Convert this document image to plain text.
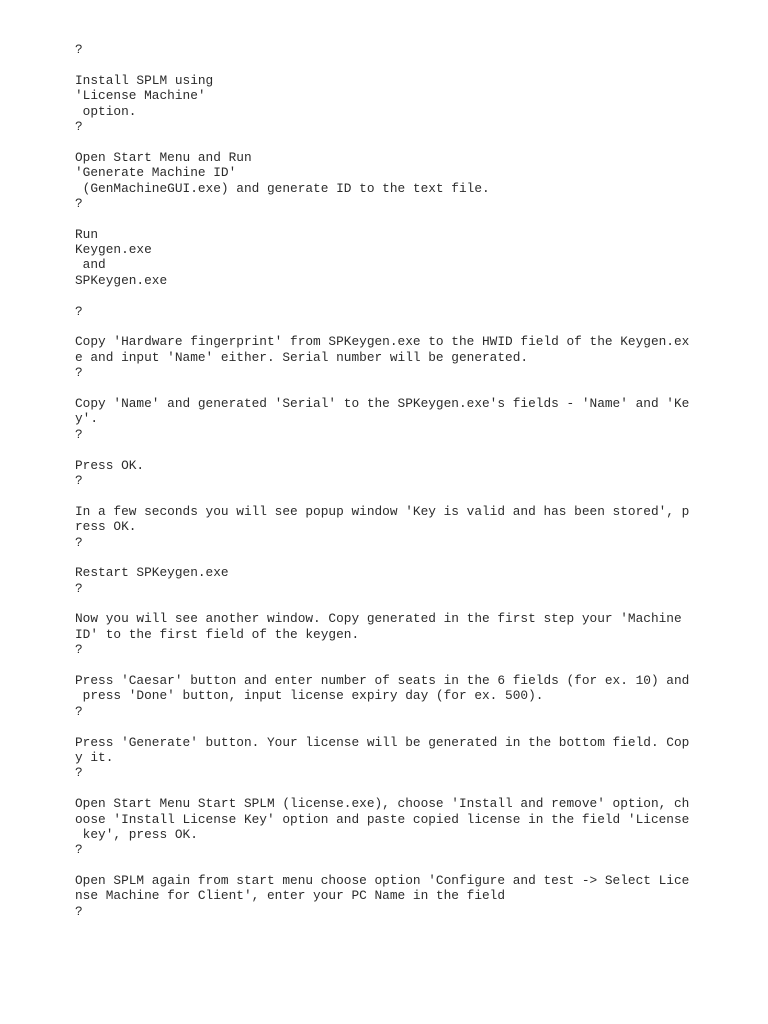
?
Install SPLM using
'License Machine'
option.
?
Open Start Menu and Run
'Generate Machine ID'
(GenMachineGUI.exe) and generate ID to the text file.
?
Run
Keygen.exe
and
SPKeygen.exe
?
Copy 'Hardware fingerprint' from SPKeygen.exe to the HWID field of the Keygen.ex
e and input 'Name' either. Serial number will be generated.
?
Copy 'Name' and generated 'Serial' to the SPKeygen.exe's fields - 'Name' and 'Ke
y'.
?
Press OK.
?
In a few seconds you will see popup window 'Key is valid and has been stored', p
ress OK.
?
Restart SPKeygen.exe
?
Now you will see another window. Copy generated in the first step your 'Machine
ID' to the first field of the keygen.
?
Press 'Caesar' button and enter number of seats in the 6 fields (for ex. 10) and
press 'Done' button, input license expiry day (for ex. 500).
?
Press 'Generate' button. Your license will be generated in the bottom field. Cop
y it.
?
Open Start Menu Start SPLM (license.exe), choose 'Install and remove' option, ch
oose 'Install License Key' option and paste copied license in the field 'License
key', press OK.
?
Open SPLM again from start menu choose option 'Configure and test -> Select Lice
nse Machine for Client', enter your PC Name in the field
?
